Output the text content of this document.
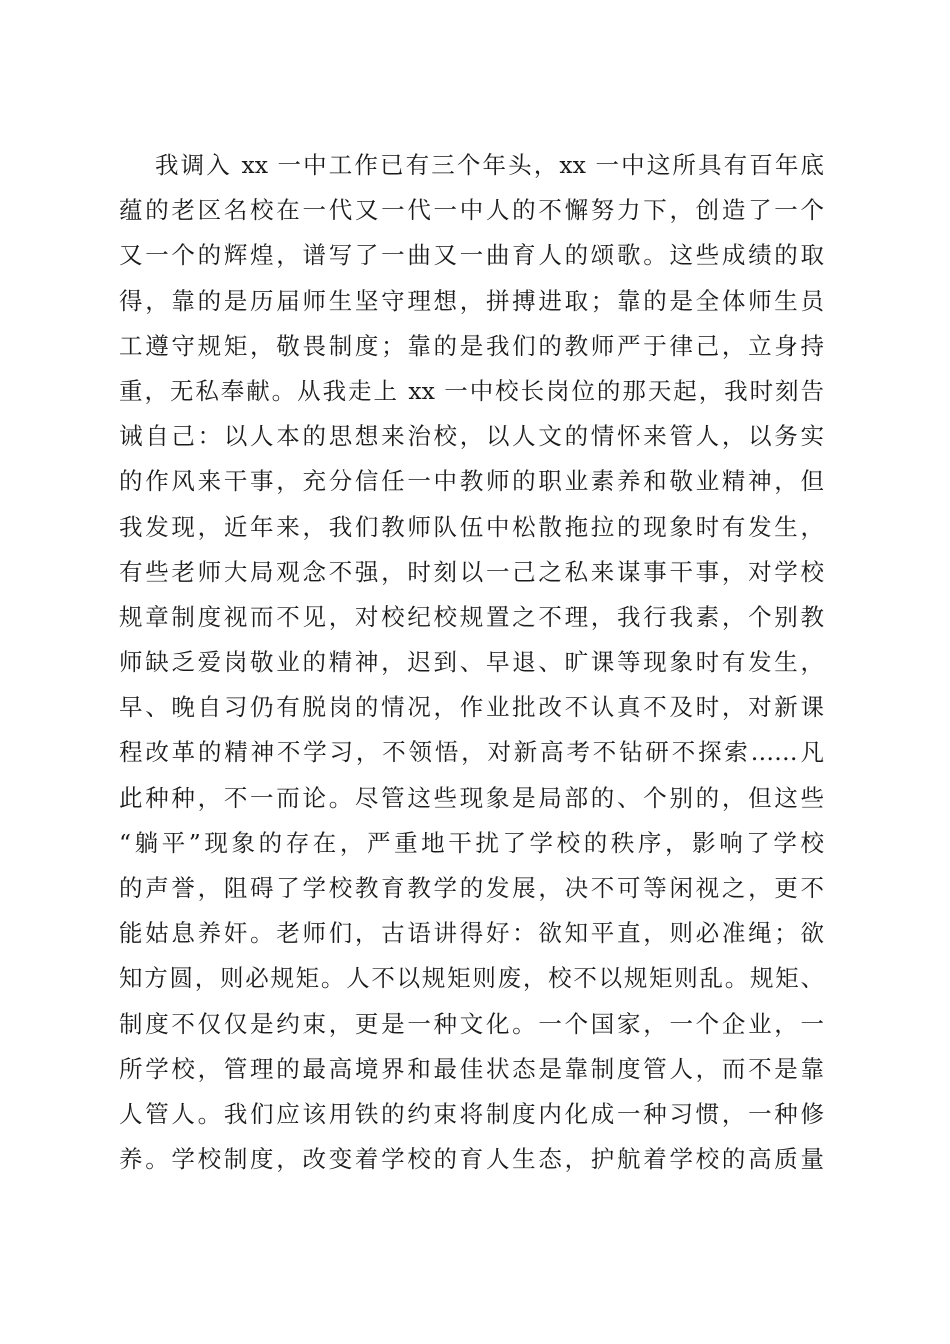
我调入 xx 一中工作已有三个年头，xx 一中这所具有百年底
蕴的老区名校在一代又一代一中人的不懈努力下，创造了一个
又一个的辉煌，谱写了一曲又一曲育人的颂歌。这些成绩的取
得，靠的是历届师生坚守理想，拼搏进取；靠的是全体师生员
工遵守规矩，敬畏制度；靠的是我们的教师严于律己，立身持
重，无私奉献。从我走上 xx 一中校长岗位的那天起，我时刻告
诫自己：以人本的思想来治校，以人文的情怀来管人，以务实
的作风来干事，充分信任一中教师的职业素养和敬业精神，但
我发现，近年来，我们教师队伍中松散拖拉的现象时有发生，
有些老师大局观念不强，时刻以一己之私来谋事干事，对学校
规章制度视而不见，对校纪校规置之不理，我行我素，个别教
师缺乏爱岗敬业的精神，迟到、早退、旷课等现象时有发生，
早、晚自习仍有脱岗的情况，作业批改不认真不及时，对新课
程改革的精神不学习，不领悟，对新高考不钻研不探索……凡
此种种，不一而论。尽管这些现象是局部的、个别的，但这些
“躺平”现象的存在，严重地干扰了学校的秩序，影响了学校
的声誉，阻碍了学校教育教学的发展，决不可等闲视之，更不
能姑息养奸。老师们，古语讲得好：欲知平直，则必准绳；欲
知方圆，则必规矩。人不以规矩则废，校不以规矩则乱。规矩、
制度不仅仅是约束，更是一种文化。一个国家，一个企业，一
所学校，管理的最高境界和最佳状态是靠制度管人，而不是靠
人管人。我们应该用铁的约束将制度内化成一种习惯，一种修
养。学校制度，改变着学校的育人生态，护航着学校的高质量
